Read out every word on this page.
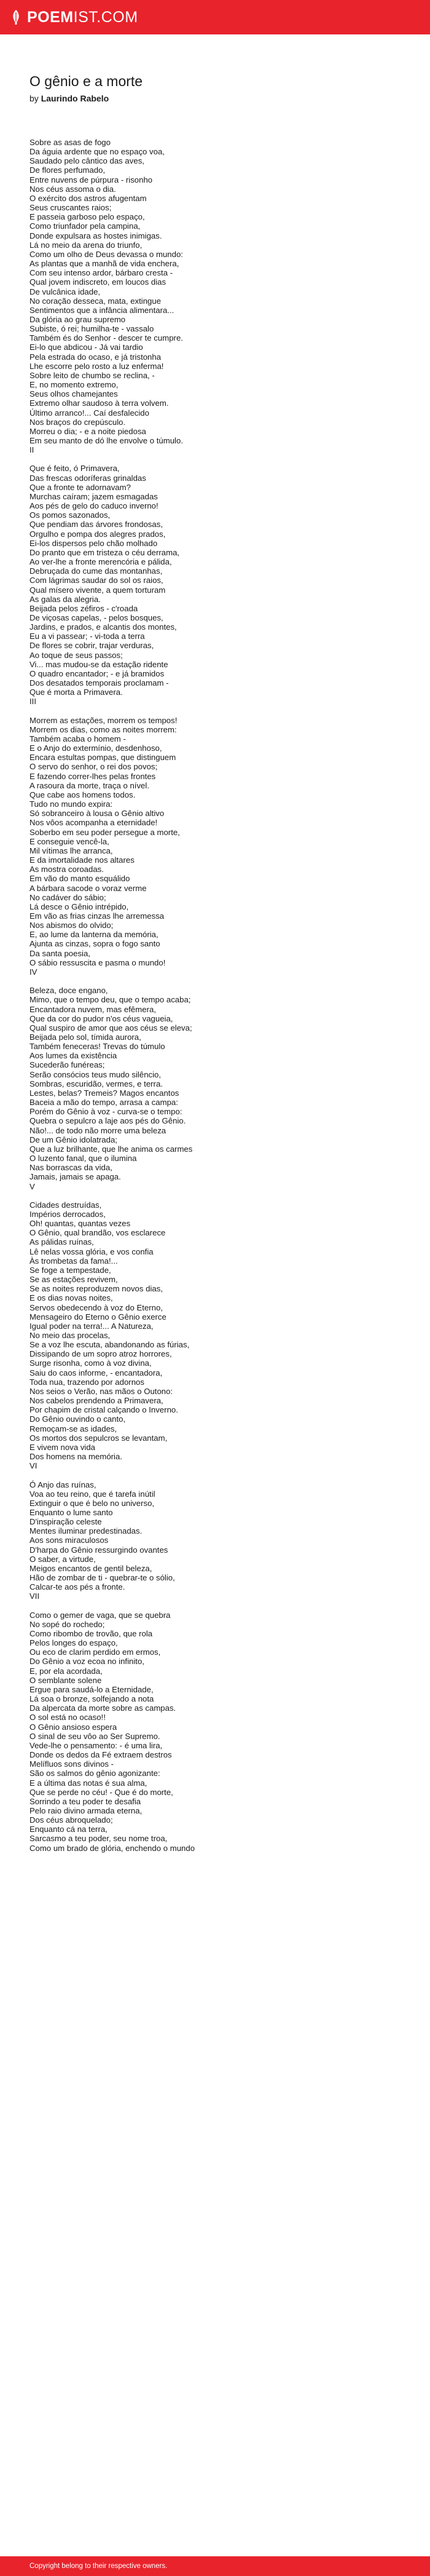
POEMIST.COM
O gênio e a morte
by Laurindo Rabelo
Sobre as asas de fogo
Da águia ardente que no espaço voa,
Saudado pelo cântico das aves,
De flores perfumado,
Entre nuvens de púrpura - risonho
Nos céus assoma o dia.
O exército dos astros afugentam
Seus cruscantes raios;
E passeia garboso pelo espaço,
Como triunfador pela campina,
Donde expulsara as hostes inimigas.
Lá no meio da arena do triunfo,
Como um olho de Deus devassa o mundo:
As plantas que a manhã de vida enchera,
Com seu intenso ardor, bárbaro cresta -
Qual jovem indiscreto, em loucos dias
De vulcânica idade,
No coração desseca, mata, extingue
Sentimentos que a infância alimentara...
Da glória ao grau supremo
Subiste, ó rei; humilha-te - vassalo
Também és do Senhor - descer te cumpre.
Ei-lo que abdicou - Já vai tardio
Pela estrada do ocaso, e já tristonha
Lhe escorre pelo rosto a luz enferma!
Sobre leito de chumbo se reclina, -
E, no momento extremo,
Seus olhos chamejantes
Extremo olhar saudoso à terra volvem.
Último arranco!... Caí desfalecido
Nos braços do crepúsculo.
Morreu o dia; - e a noite piedosa
Em seu manto de dó lhe envolve o túmulo.
II

Que é feito, ó Primavera,
Das frescas odoríferas grinaldas
Que a fronte te adornavam?
Murchas caíram; jazem esmagadas
Aos pés de gelo do caduco inverno!
Os pomos sazonados,
Que pendiam das árvores frondosas,
Orgulho e pompa dos alegres prados,
Ei-los dispersos pelo chão molhado
Do pranto que em tristeza o céu derrama,
Ao ver-lhe a fronte merencória e pálida,
Debruçada do cume das montanhas,
Com lágrimas saudar do sol os raios,
Qual mísero vivente, a quem torturam
As galas da alegria.
Beijada pelos zéfiros - c'roada
De viçosas capelas, - pelos bosques,
Jardins, e prados, e alcantis dos montes,
Eu a vi passear; - vi-toda a terra
De flores se cobrir, trajar verduras,
Ao toque de seus passos;
Vi... mas mudou-se da estação ridente
O quadro encantador; - e já bramidos
Dos desatados temporais proclamam -
Que é morta a Primavera.
III

Morrem as estações, morrem os tempos!
Morrem os dias, como as noites morrem:
Também acaba o homem -
E o Anjo do extermínio, desdenhoso,
Encara estultas pompas, que distinguem
O servo do senhor, o rei dos povos;
E fazendo correr-lhes pelas frontes
A rasoura da morte, traça o nível.
Que cabe aos homens todos.
Tudo no mundo expira:
Só sobranceiro à lousa o Gênio altivo
Nos vôos acompanha a eternidade!
Soberbo em seu poder persegue a morte,
E conseguie vencê-la,
Mil vítimas lhe arranca,
E da imortalidade nos altares
As mostra coroadas.
Em vão do manto esquálido
A bárbara sacode o voraz verme
No cadáver do sábio;
Lá desce o Gênio intrépido,
Em vão as frias cinzas lhe arremessa
Nos abismos do olvido;
E, ao lume da lanterna da memória,
Ajunta as cinzas, sopra o fogo santo
Da santa poesia,
O sábio ressuscita e pasma o mundo!
IV

Beleza, doce engano,
Mimo, que o tempo deu, que o tempo acaba;
Encantadora nuvem, mas efêmera,
Que da cor do pudor n'os céus vagueia,
Qual suspiro de amor que aos céus se eleva;
Beijada pelo sol, tímida aurora,
Também feneceras! Trevas do túmulo
Aos lumes da existência
Sucederão funéreas;
Serão consócios teus mudo silêncio,
Sombras, escuridão, vermes, e terra.
Lestes, belas? Tremeis? Magos encantos
Baceia a mão do tempo, arrasa a campa:
Porém do Gênio à voz - curva-se o tempo:
Quebra o sepulcro a laje aos pés do Gênio.
Não!... de todo não morre uma beleza
De um Gênio idolatrada;
Que a luz brilhante, que lhe anima os carmes
O luzento fanal, que o ilumina
Nas borrascas da vida,
Jamais, jamais se apaga.
V

Cidades destruídas,
Impérios derrocados,
Oh! quantas, quantas vezes
O Gênio, qual brandão, vos esclarece
As pálidas ruínas,
Lê nelas vossa glória, e vos confia
Às trombetas da fama!...
Se foge a tempestade,
Se as estações revivem,
Se as noites reproduzem novos dias,
E os dias novas noites,
Servos obedecendo à voz do Eterno,
Mensageiro do Eterno o Gênio exerce
Igual poder na terra!... A Natureza,
No meio das procelas,
Se a voz lhe escuta, abandonando as fúrias,
Dissipando de um sopro atroz horrores,
Surge risonha, como à voz divina,
Saiu do caos informe, - encantadora,
Toda nua, trazendo por adornos
Nos seios o Verão, nas mãos o Outono:
Nos cabelos prendendo a Primavera,
Por chapim de cristal calçando o Inverno.
Do Gênio ouvindo o canto,
Remoçam-se as idades,
Os mortos dos sepulcros se levantam,
E vivem nova vida
Dos homens na memória.
VI

Ó Anjo das ruínas,
Voa ao teu reino, que é tarefa inútil
Extinguir o que é belo no universo,
Enquanto o lume santo
D'inspiração celeste
Mentes iluminar predestinadas.
Aos sons miraculosos
D'harpa do Gênio ressurgindo ovantes
O saber, a virtude,
Meigos encantos de gentil beleza,
Hão de zombar de ti - quebrar-te o sólio,
Calcar-te aos pés a fronte.
VII

Como o gemer de vaga, que se quebra
No sopé do rochedo;
Como ribombo de trovão, que rola
Pelos longes do espaço,
Ou eco de clarim perdido em ermos,
Do Gênio a voz ecoa no infinito,
E, por ela acordada,
O semblante solene
Ergue para saudá-lo a Eternidade,
Lá soa o bronze, solfejando a nota
Da alpercata da morte sobre as campas.
O sol está no ocaso!!
O Gênio ansioso espera
O sinal de seu vôo ao Ser Supremo.
Vede-lhe o pensamento: - é uma lira,
Donde os dedos da Fé extraem destros
Melífluos sons divinos -
São os salmos do gênio agonizante:
E a última das notas é sua alma,
Que se perde no céu! - Que é do morte,
Sorrindo a teu poder te desafia
Pelo raio divino armada eterna,
Dos céus abroquelado;
Enquanto cá na terra,
Sarcasmo a teu poder, seu nome troa,
Como um brado de glória, enchendo o mundo
Copyright belong to their respective owners.
